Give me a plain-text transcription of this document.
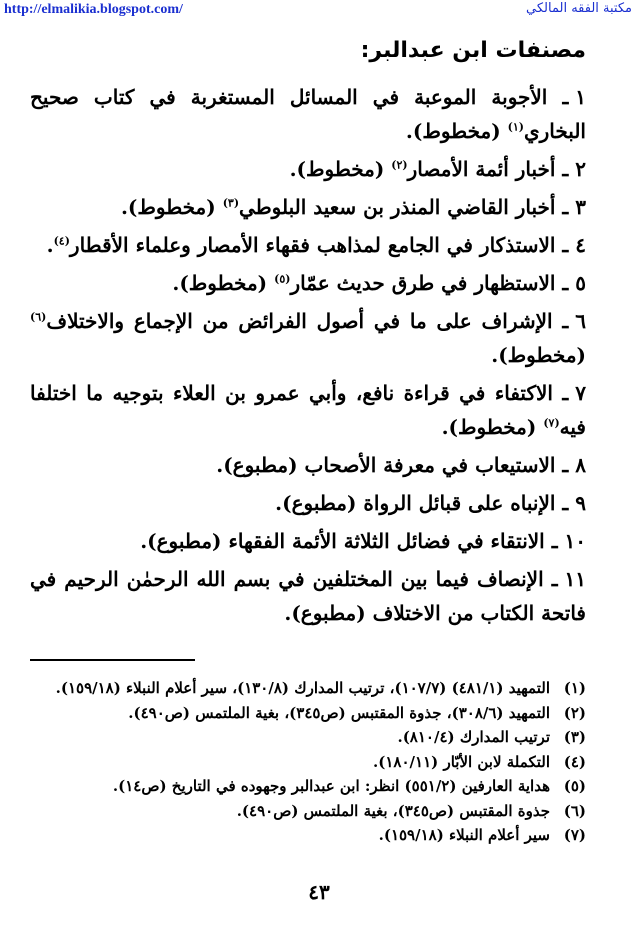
http://elmalikia.blogspot.com/	مكتبة الفقه المالكي
مصنفات ابن عبدالبر:

١ ـ الأجوبة الموعبة في المسائل المستغربة في كتاب صحيح البخاري$^{(١)}$ (مخطوط).

٢ ـ أخبار أئمة الأمصار$^{(٢)}$ (مخطوط).

٣ ـ أخبار القاضي المنذر بن سعيد البلوطي$^{(٣)}$ (مخطوط).

٤ ـ الاستذكار في الجامع لمذاهب فقهاء الأمصار وعلماء الأقطار$^{(٤)}$.

٥ ـ الاستظهار في طرق حديث عمّار$^{(٥)}$ (مخطوط).

٦ ـ الإشراف على ما في أصول الفرائض من الإجماع والاختلاف$^{(٦)}$ (مخطوط).

٧ ـ الاكتفاء في قراءة نافع، وأبي عمرو بن العلاء بتوجيه ما اختلفا فيه$^{(٧)}$ (مخطوط).

٨ ـ الاستيعاب في معرفة الأصحاب (مطبوع).

٩ ـ الإنباه على قبائل الرواة (مطبوع).

١٠ ـ الانتقاء في فضائل الثلاثة الأئمة الفقهاء (مطبوع).

١١ ـ الإنصاف فيما بين المختلفين في بسم الله الرحمٰن الرحيم في فاتحة الكتاب من الاختلاف (مطبوع).

(١)التمهيد (٤٨١/١) (١٠٧/٧)، ترتيب المدارك (١٣٠/٨)، سير أعلام النبلاء (١٥٩/١٨).
(٢)التمهيد (٣٠٨/٦)، جذوة المقتبس (ص٣٤٥)، بغية الملتمس (ص٤٩٠).
(٣)ترتيب المدارك (٨١٠/٤).
(٤)التكملة لابن الأبّار (١٨٠/١١).
(٥)هداية العارفين (٥٥١/٢) انظر: ابن عبدالبر وجهوده في التاريخ (ص١٤).
(٦)جذوة المقتبس (ص٣٤٥)، بغية الملتمس (ص٤٩٠).
(٧)سير أعلام النبلاء (١٥٩/١٨).
٤٣
